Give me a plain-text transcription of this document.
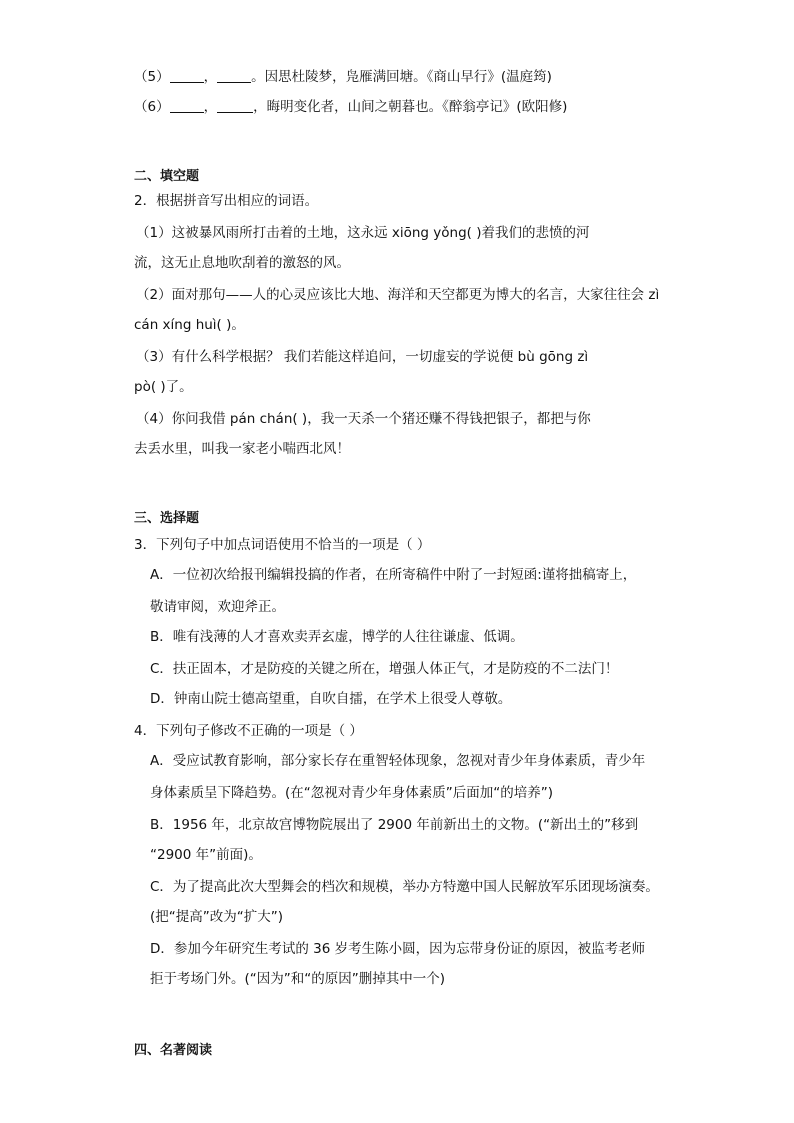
（5）	，	。因思杜陵梦，凫雁满回塘。《商山早行》(温庭筠)
（6）	，	，晦明变化者，山间之朝暮也。《醉翁亭记》(欧阳修)
二、填空题
2．根据拼音写出相应的词语。
（1）这被暴风雨所打击着的土地，这永远 xiōng yǒng( )着我们的悲愤的河
流，这无止息地吹刮着的激怒的风。
（2）面对那句——人的心灵应该比大地、海洋和天空都更为博大的名言，大家往往会 zì
cán xíng huì( )。
（3）有什么科学根据？ 我们若能这样追问，一切虚妄的学说便 bù gōng zì
pò( )了。
（4）你问我借 pán chán( )，我一天杀一个猪还赚不得钱把银子，都把与你
去丢水里，叫我一家老小喘西北风！
三、选择题
3．下列句子中加点词语使用不恰当的一项是（ ）
A．一位初次给报刊编辑投搞的作者，在所寄稿件中附了一封短函:谨将拙稿寄上，
敬请审阅，欢迎斧正。
B．唯有浅薄的人才喜欢卖弄玄虚，博学的人往往谦虚、低调。
C．扶正固本，才是防疫的关键之所在，增强人体正气，才是防疫的不二法门！
D．钟南山院士德高望重，自吹自擂，在学术上很受人尊敬。
4．下列句子修改不正确的一项是（ ）
A．受应试教育影响，部分家长存在重智轻体现象，忽视对青少年身体素质，青少年
身体素质呈下降趋势。(在“忽视对青少年身体素质”后面加“的培养”)
B．1956 年，北京故宫博物院展出了 2900 年前新出土的文物。(“新出土的”移到
“2900 年”前面)。
C．为了提高此次大型舞会的档次和规模，举办方特邀中国人民解放军乐团现场演奏。
(把“提高”改为“扩大”)
D．参加今年研究生考试的 36 岁考生陈小圆，因为忘带身份证的原因，被监考老师
拒于考场门外。(“因为”和“的原因”删掉其中一个)
四、名著阅读
